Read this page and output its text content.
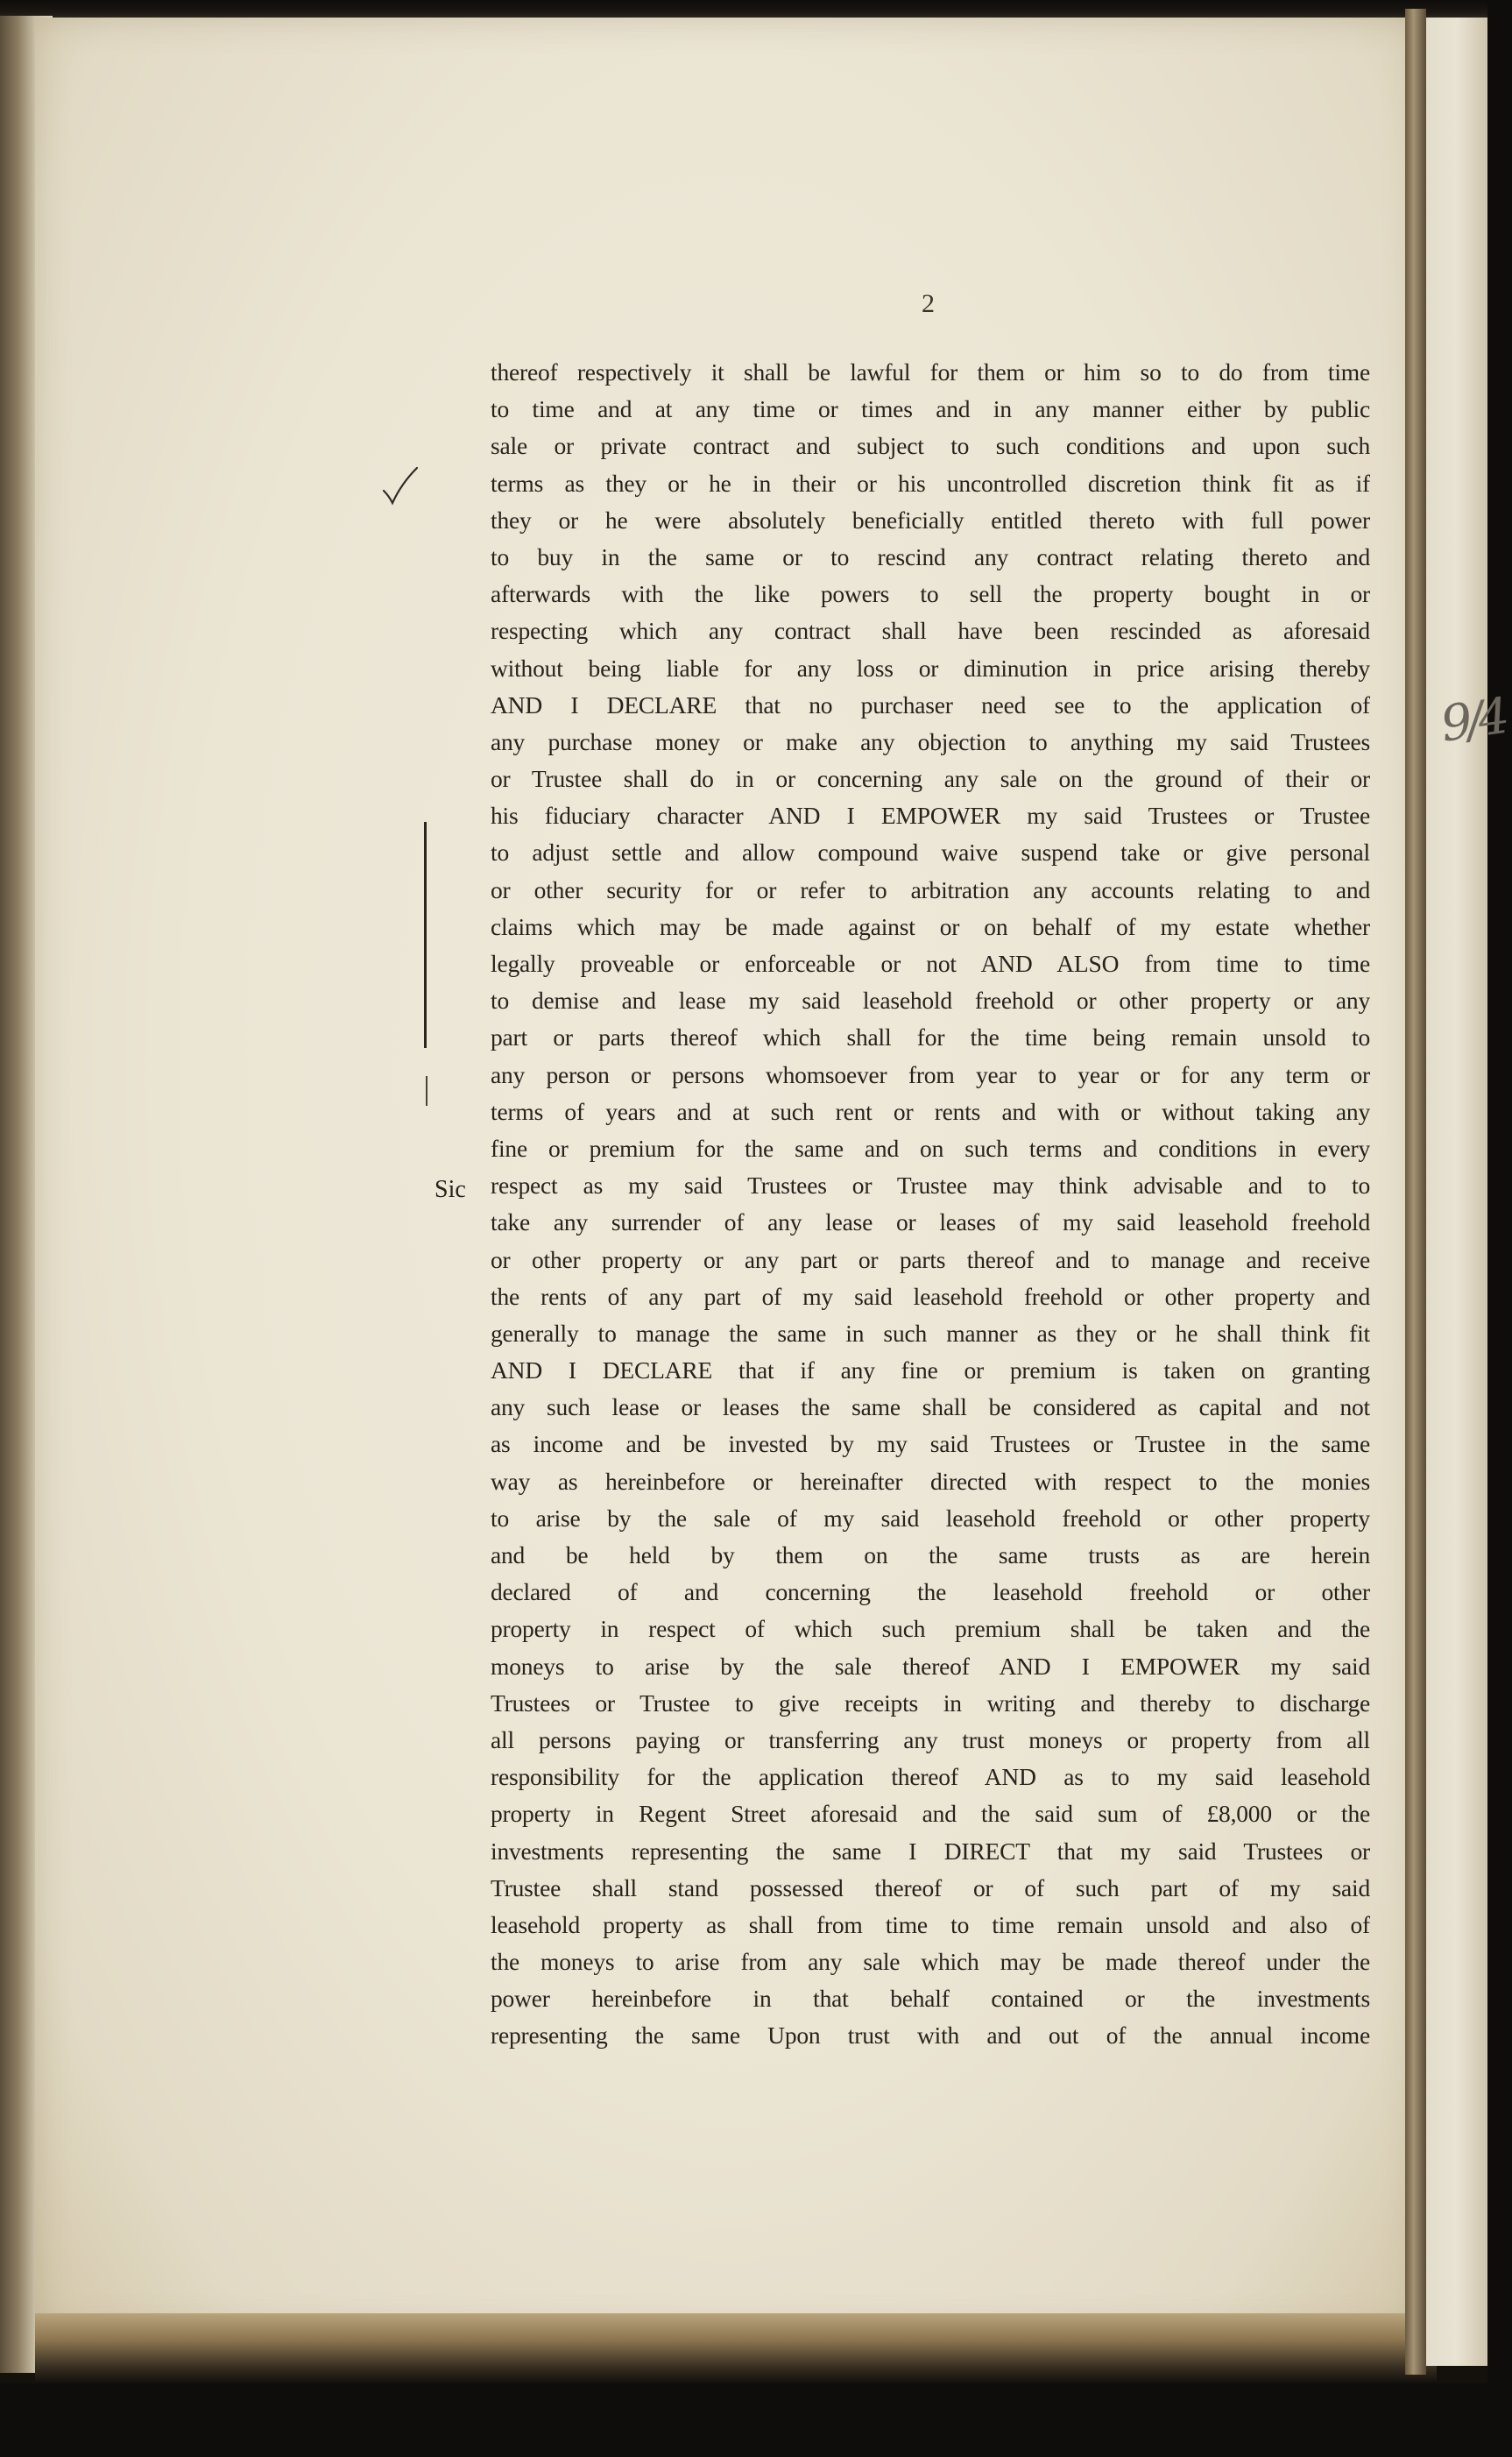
2
Sic
9/4
thereof respectively it shall be lawful for them or him so to do from time
to time and at any time or times and in any manner either by public
sale or private contract and subject to such conditions and upon such
terms as they or he in their or his uncontrolled discretion think fit as if
they or he were absolutely beneficially entitled thereto with full power
to buy in the same or to rescind any contract relating thereto and
afterwards with the like powers to sell the property bought in or
respecting which any contract shall have been rescinded as aforesaid
without being liable for any loss or diminution in price arising thereby
AND I DECLARE that no purchaser need see to the application of
any purchase money or make any objection to anything my said Trustees
or Trustee shall do in or concerning any sale on the ground of their or
his fiduciary character AND I EMPOWER my said Trustees or Trustee
to adjust settle and allow compound waive suspend take or give personal
or other security for or refer to arbitration any accounts relating to and
claims which may be made against or on behalf of my estate whether
legally proveable or enforceable or not AND ALSO from time to time
to demise and lease my said leasehold freehold or other property or any
part or parts thereof which shall for the time being remain unsold to
any person or persons whomsoever from year to year or for any term or
terms of years and at such rent or rents and with or without taking any
fine or premium for the same and on such terms and conditions in every
respect as my said Trustees or Trustee may think advisable and to to
take any surrender of any lease or leases of my said leasehold freehold
or other property or any part or parts thereof and to manage and receive
the rents of any part of my said leasehold freehold or other property and
generally to manage the same in such manner as they or he shall think fit
AND I DECLARE that if any fine or premium is taken on granting
any such lease or leases the same shall be considered as capital and not
as income and be invested by my said Trustees or Trustee in the same
way as hereinbefore or hereinafter directed with respect to the monies
to arise by the sale of my said leasehold freehold or other property
and be held by them on the same trusts as are herein
declared of and concerning the leasehold freehold or other
property in respect of which such premium shall be taken and the
moneys to arise by the sale thereof AND I EMPOWER my said
Trustees or Trustee to give receipts in writing and thereby to discharge
all persons paying or transferring any trust moneys or property from all
responsibility for the application thereof AND as to my said leasehold
property in Regent Street aforesaid and the said sum of £8,000 or the
investments representing the same I DIRECT that my said Trustees or
Trustee shall stand possessed thereof or of such part of my said
leasehold property as shall from time to time remain unsold and also of
the moneys to arise from any sale which may be made thereof under the
power hereinbefore in that behalf contained or the investments
representing the same Upon trust with and out of the annual income
